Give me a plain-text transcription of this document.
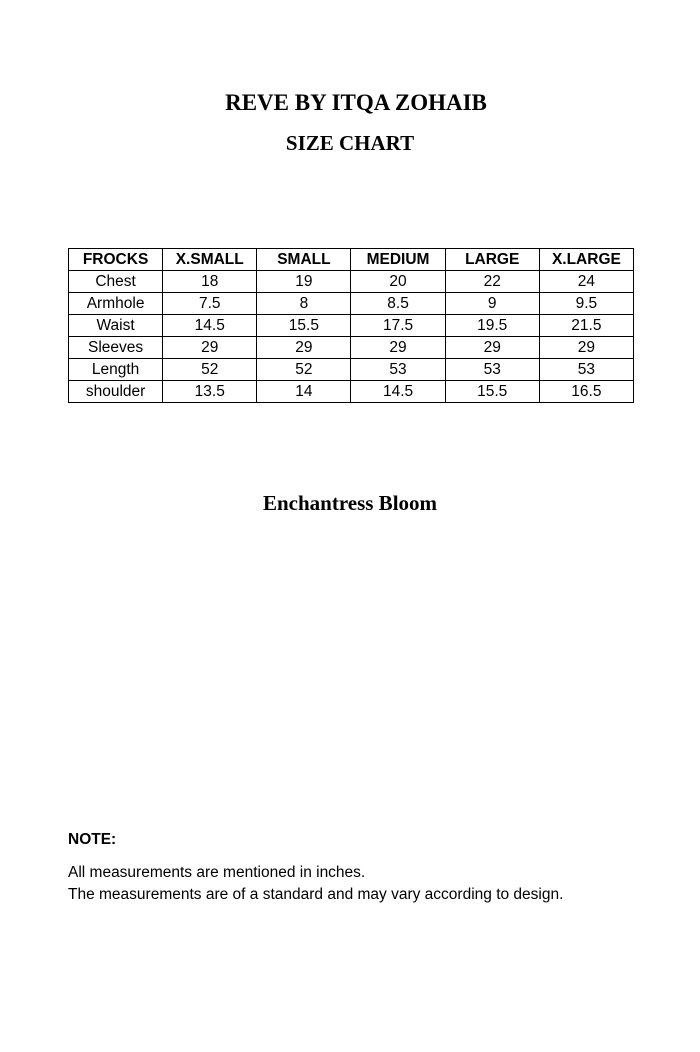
REVE BY ITQA ZOHAIB
SIZE CHART
FROCKS	X.SMALL	SMALL	MEDIUM	LARGE	X.LARGE
Chest	18	19	20	22	24
Armhole	7.5	8	8.5	9	9.5
Waist	14.5	15.5	17.5	19.5	21.5
Sleeves	29	29	29	29	29
Length	52	52	53	53	53
shoulder	13.5	14	14.5	15.5	16.5
Enchantress Bloom

NOTE:

All measurements are mentioned in inches.
The measurements are of a standard and may vary according to design.
